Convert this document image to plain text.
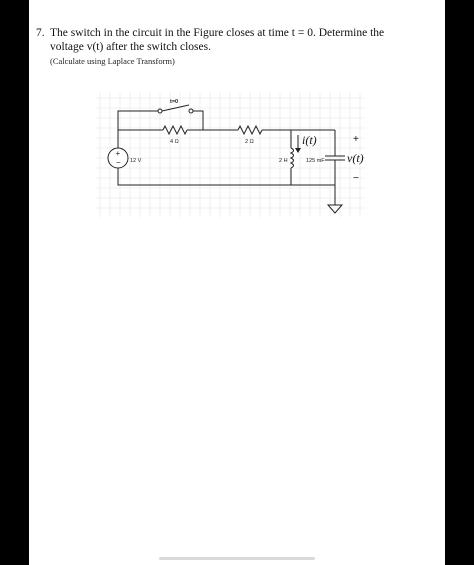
7. The switch in the circuit in the Figure closes at time t = 0. Determine the
voltage v(t) after the switch closes.
(Calculate using Laplace Transform)
+
−
t=0
4 Ω	2 Ω
12 V	2 H	125 mF
i(t)
v(t)
+
−
